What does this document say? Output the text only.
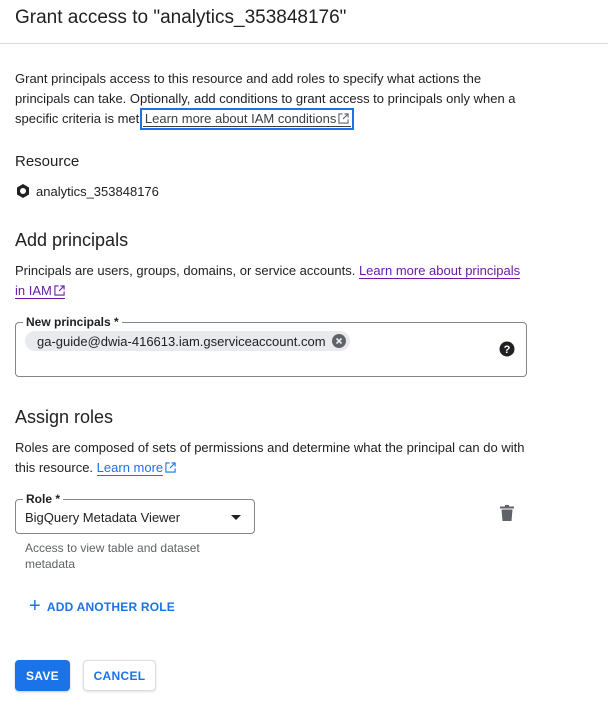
Grant access to "analytics_353848176"
Grant principals access to this resource and add roles to specify what actions the principals can take. Optionally, add conditions to grant access to principals only when a specific criteria is met. Learn more about IAM conditions
Resource
analytics_353848176
Add principals
Principals are users, groups, domains, or service accounts. Learn more about principals
in IAM
New principals *
ga-guide@dwia-416613.iam.gserviceaccount.com
?
Assign roles
Roles are composed of sets of permissions and determine what the principal can do with this resource. Learn more
Role *
BigQuery Metadata Viewer
Access to view table and dataset metadata
+ ADD ANOTHER ROLE
SAVE	CANCEL
